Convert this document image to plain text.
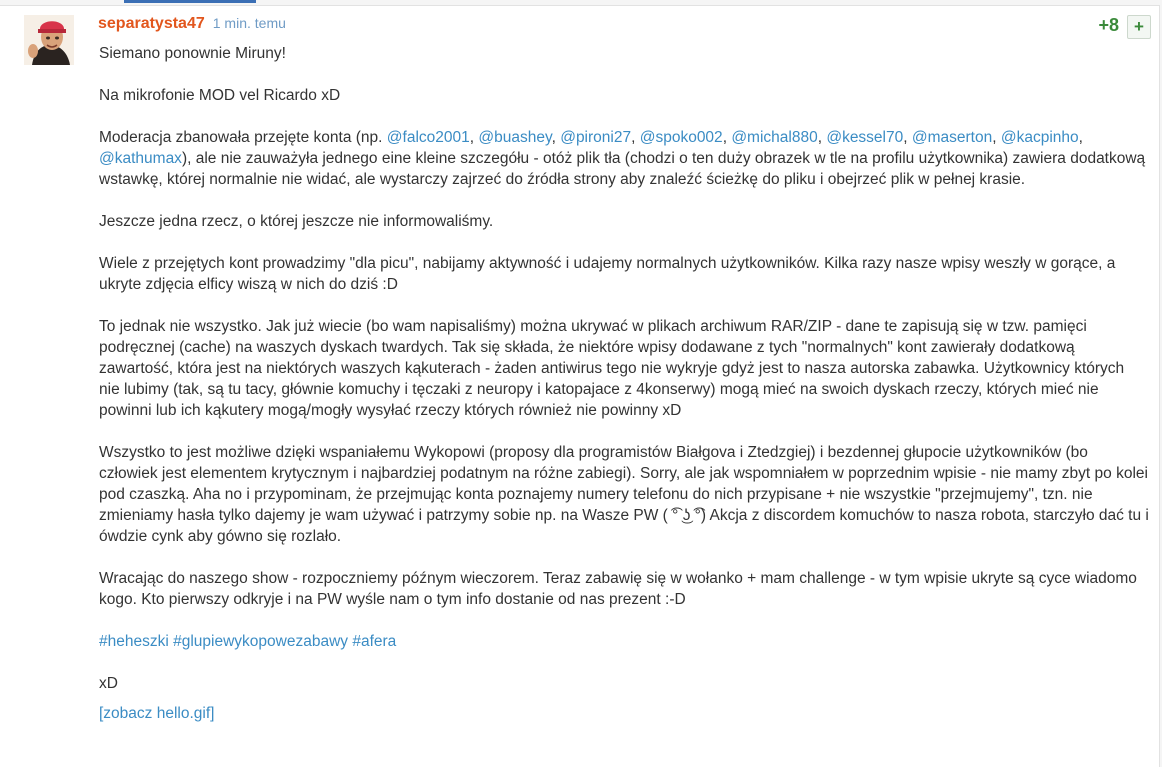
separatysta47 1 min. temu	+8 +

Siemano ponownie Miruny!

Na mikrofonie MOD vel Ricardo xD

Moderacja zbanowała przejęte konta (np. @falco2001, @buashey, @pironi27, @spoko002, @michal880, @kessel70, @maserton, @kacpinho, @kathumax), ale nie zauważyła jednego eine kleine szczegółu - otóż plik tła (chodzi o ten duży obrazek w tle na profilu użytkownika) zawiera dodatkową wstawkę, której normalnie nie widać, ale wystarczy zajrzeć do źródła strony aby znaleźć ścieżkę do pliku i obejrzeć plik w pełnej krasie.

Jeszcze jedna rzecz, o której jeszcze nie informowaliśmy.

Wiele z przejętych kont prowadzimy "dla picu", nabijamy aktywność i udajemy normalnych użytkowników. Kilka razy nasze wpisy weszły w gorące, a ukryte zdjęcia elficy wiszą w nich do dziś :D

To jednak nie wszystko. Jak już wiecie (bo wam napisaliśmy) można ukrywać w plikach archiwum RAR/ZIP - dane te zapisują się w tzw. pamięci podręcznej (cache) na waszych dyskach twardych. Tak się składa, że niektóre wpisy dodawane z tych "normalnych" kont zawierały dodatkową zawartość, która jest na niektórych waszych kąkuterach - żaden antiwirus tego nie wykryje gdyż jest to nasza autorska zabawka. Użytkownicy których nie lubimy (tak, są tu tacy, głównie komuchy i tęczaki z neuropy i katopajace z 4konserwy) mogą mieć na swoich dyskach rzeczy, których mieć nie powinni lub ich kąkutery mogą/mogły wysyłać rzeczy których również nie powinny xD

Wszystko to jest możliwe dzięki wspaniałemu Wykopowi (proposy dla programistów Białgova i Ztedzgiej) i bezdennej głupocie użytkowników (bo człowiek jest elementem krytycznym i najbardziej podatnym na różne zabiegi). Sorry, ale jak wspomniałem w poprzednim wpisie - nie mamy zbyt po kolei pod czaszką. Aha no i przypominam, że przejmując konta poznajemy numery telefonu do nich przypisane + nie wszystkie "przejmujemy", tzn. nie zmieniamy hasła tylko dajemy je wam używać i patrzymy sobie np. na Wasze PW ( ͡° ͜ʖ ͡°) Akcja z discordem komuchów to nasza robota, starczyło dać tu i ówdzie cynk aby gówno się rozlało.

Wracając do naszego show - rozpoczniemy późnym wieczorem. Teraz zabawię się w wołanko + mam challenge - w tym wpisie ukryte są cyce wiadomo kogo. Kto pierwszy odkryje i na PW wyśle nam o tym info dostanie od nas prezent :-D

#heheszki #glupiewykopowezabawy #afera

xD

[zobacz hello.gif]
